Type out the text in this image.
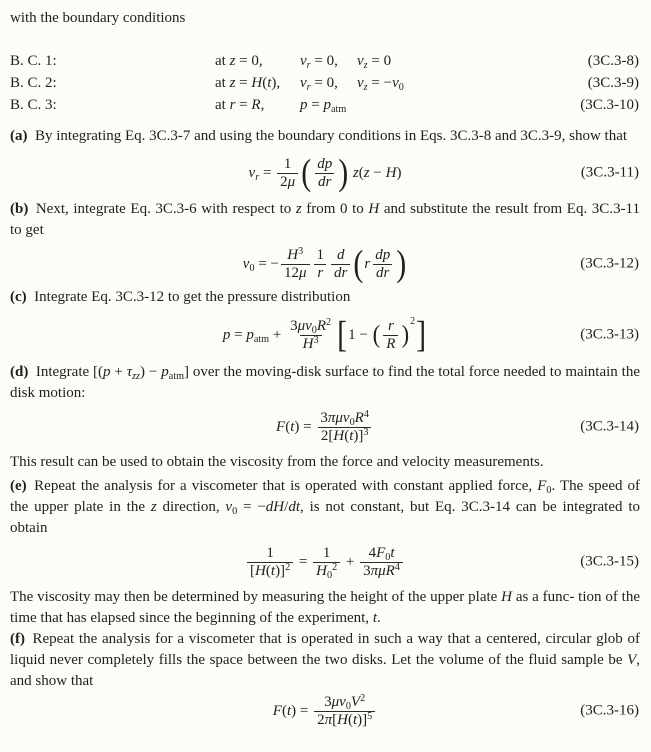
with the boundary conditions

B. C. 1:	at z = 0, $v_r = 0$, $v_z = 0$	(3C.3-8)
B. C. 2:	at z = H(t), $v_r = 0$, $v_z = -v_0$	(3C.3-9)
B. C. 3:	at r = R, $p = p_{atm}$	(3C.3-10)

(a) By integrating Eq. 3C.3-7 and using the boundary conditions in Eqs. 3C.3-8 and 3C.3-9, show that

$v_r = \frac{1}{2\mu}$ ( $\frac{dp}{dr}$ ) z(z − H)	(3C.3-11)

(b) Next, integrate Eq. 3C.3-6 with respect to z from 0 to H and substitute the result from Eq. 3C.3-11 to get

$v_0$ = − $\frac{H^3}{12\mu} \frac{1}{r} \frac{d}{dr}$ ( r $\frac{dp}{dr}$ )	(3C.3-12)

(c) Integrate Eq. 3C.3-12 to get the pressure distribution

$p = p_{atm} + \frac{3\mu v_0R^2}{H^3}$ [ 1 − ( $\frac{r}{R}$ ) 2 ]	(3C.3-13)

(d) Integrate $[(p + \tau_{zz}) - p_{atm}]$ over the moving-disk surface to find the total force needed to maintain the disk motion:

$F(t) = \frac{3\pi\mu v_0R^4}{2[H(t)]^3}$	(3C.3-14)

This result can be used to obtain the viscosity from the force and velocity measurements.

(e) Repeat the analysis for a viscometer that is operated with constant applied force, $F_0$. The speed of the upper plate in the z direction, $v_0 = -dH/dt$, is not constant, but Eq. 3C.3-14 can be integrated to obtain

$\frac{1}{[H(t)]^2} = \frac{1}{H_0^2} + \frac{4F_0t}{3\pi\mu R^4}$	(3C.3-15)

The viscosity may then be determined by measuring the height of the upper plate H as a func- tion of the time that has elapsed since the beginning of the experiment, t.

(f) Repeat the analysis for a viscometer that is operated in such a way that a centered, circular glob of liquid never completely fills the space between the two disks. Let the volume of the fluid sample be V, and show that

$F(t) = \frac{3\mu v_0V^2}{2\pi[H(t)]^5}$	(3C.3-16)
